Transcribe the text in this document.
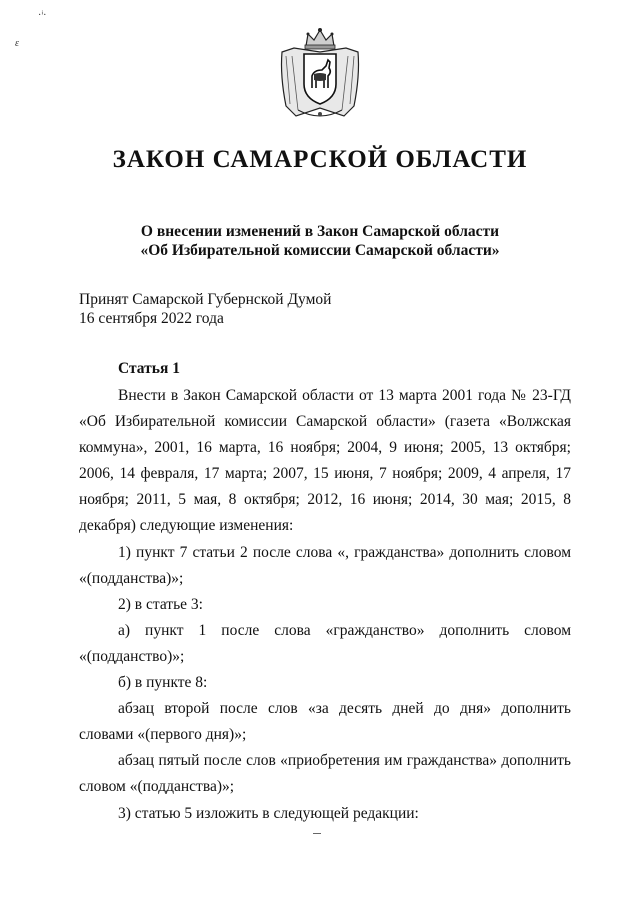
·ⁱ·
ε
ЗАКОН САМАРСКОЙ ОБЛАСТИ
О внесении изменений в Закон Самарской области
«Об Избирательной комиссии Самарской области»
Принят Самарской Губернской Думой
16 сентября 2022 года
Статья 1

Внести в Закон Самарской области от 13 марта 2001 года № 23-ГД «Об Избирательной комиссии Самарской области» (газета «Волжская коммуна», 2001, 16 марта, 16 ноября; 2004, 9 июня; 2005, 13 октября; 2006, 14 февраля, 17 марта; 2007, 15 июня, 7 ноября; 2009, 4 апреля, 17 ноября; 2011, 5 мая, 8 октября; 2012, 16 июня; 2014, 30 мая; 2015, 8 декабря) следующие изменения:

1) пункт 7 статьи 2 после слова «, гражданства» дополнить словом «(подданства)»;

2) в статье 3:

а) пункт 1 после слова «гражданство» дополнить словом «(подданство)»;

б) в пункте 8:

абзац второй после слов «за десять дней до дня» дополнить словами «(первого дня)»;

абзац пятый после слов «приобретения им гражданства» дополнить словом «(подданства)»;

3) статью 5 изложить в следующей редакции:
